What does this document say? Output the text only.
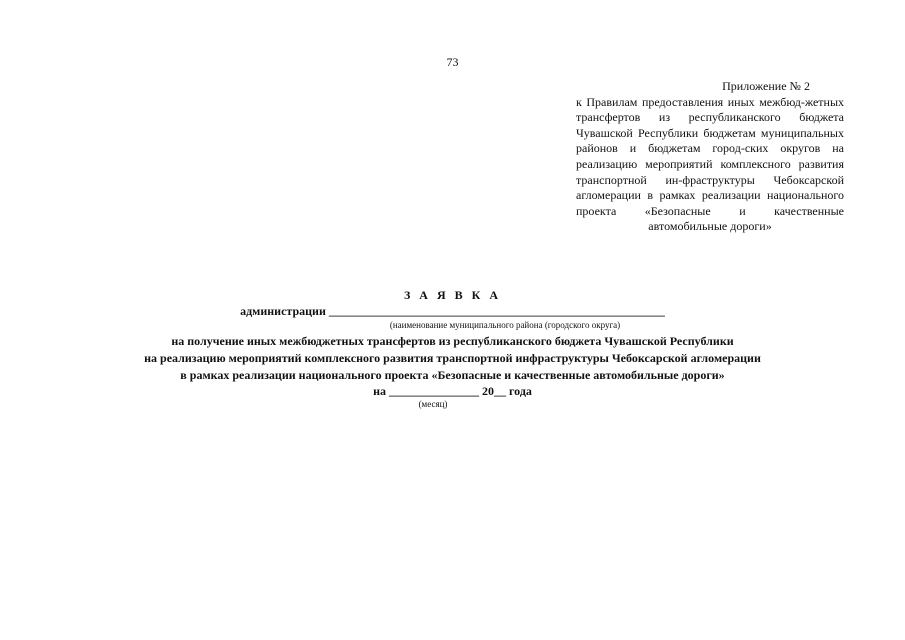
73
Приложение № 2
к Правилам предоставления иных межбюд-жетных трансфертов из республиканского бюджета Чувашской Республики бюджетам муниципальных районов и бюджетам город-ских округов на реализацию мероприятий комплексного развития транспортной ин-фраструктуры Чебоксарской агломерации в рамках реализации национального проекта «Безопасные и качественные автомобильные дороги»
З А Я В К А
администрации ________________________________________________________
(наименование муниципального района (городского округа)
на получение иных межбюджетных трансфертов из республиканского бюджета Чувашской Республики
на реализацию мероприятий комплексного развития транспортной инфраструктуры Чебоксарской агломерации
в рамках реализации национального проекта «Безопасные и качественные автомобильные дороги»
на _______________ 20__ года
(месяц)
